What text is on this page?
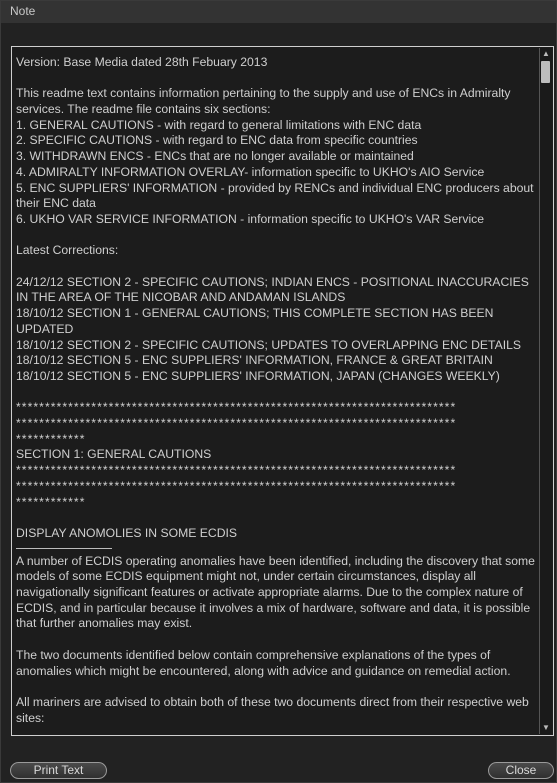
Note
Version: Base Media dated 28th Febuary 2013
This readme text contains information pertaining to the supply and use of ENCs in Admiralty services. The readme file contains six sections:
1. GENERAL CAUTIONS - with regard to general limitations with ENC data
2. SPECIFIC CAUTIONS - with regard to ENC data from specific countries
3. WITHDRAWN ENCS - ENCs that are no longer available or maintained
4. ADMIRALTY INFORMATION OVERLAY- information specific to UKHO's AIO Service
5. ENC SUPPLIERS' INFORMATION - provided by RENCs and individual ENC producers about their ENC data
6. UKHO VAR SERVICE INFORMATION - information specific to UKHO's VAR Service
Latest Corrections:
24/12/12 SECTION 2 - SPECIFIC CAUTIONS; INDIAN ENCS - POSITIONAL INACCURACIES IN THE AREA OF THE NICOBAR AND ANDAMAN ISLANDS
18/10/12 SECTION 1 - GENERAL CAUTIONS; THIS COMPLETE SECTION HAS BEEN UPDATED
18/10/12 SECTION 2 - SPECIFIC CAUTIONS; UPDATES TO OVERLAPPING ENC DETAILS
18/10/12 SECTION 5 - ENC SUPPLIERS' INFORMATION, FRANCE & GREAT BRITAIN
18/10/12 SECTION 5 - ENC SUPPLIERS' INFORMATION, JAPAN (CHANGES WEEKLY)
****************************************************************************
****************************************************************************
************
SECTION 1: GENERAL CAUTIONS
****************************************************************************
****************************************************************************
************
DISPLAY ANOMOLIES IN SOME ECDIS
A number of ECDIS operating anomalies have been identified, including the discovery that some models of some ECDIS equipment might not, under certain circumstances, display all navigationally significant features or activate appropriate alarms. Due to the complex nature of ECDIS, and in particular because it involves a mix of hardware, software and data, it is possible that further anomalies may exist.
The two documents identified below contain comprehensive explanations of the types of anomalies which might be encountered, along with advice and guidance on remedial action.
All mariners are advised to obtain both of these two documents direct from their respective web sites:
▲
▼
Print Text	Close
